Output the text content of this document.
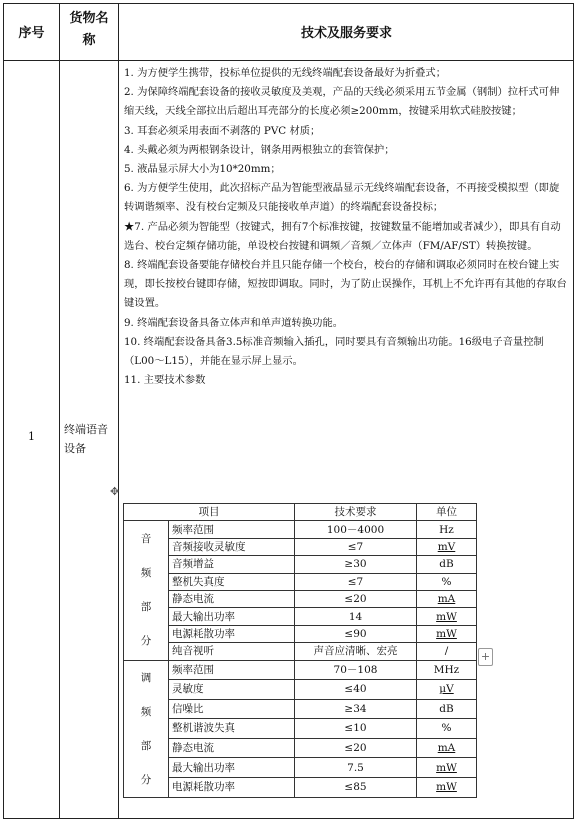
序号
货物名称	技术及服务要求
1
终端语音设备

1. 为方便学生携带，投标单位提供的无线终端配套设备最好为折叠式；

2. 为保障终端配套设备的接收灵敏度及美观，产品的天线必须采用五节金属（钢制）拉杆式可伸缩天线，天线全部拉出后超出耳壳部分的长度必须≥200mm，按键采用软式硅胶按键；

3. 耳套必须采用表面不剥落的 PVC 材质；

4. 头戴必须为两根钢条设计，钢条用两根独立的套管保护；

5. 液晶显示屏大小为10*20mm；

6. 为方便学生使用，此次招标产品为智能型液晶显示无线终端配套设备，不再接受模拟型（即旋转调谐频率、没有校台定频及只能接收单声道）的终端配套设备投标；

★7. 产品必须为智能型（按键式，拥有7个标准按键，按键数量不能增加或者减少），即具有自动选台、校台定频存储功能，单设校台按键和调频／音频／立体声（FM/AF/ST）转换按键。

8. 终端配套设备要能存储校台并且只能存储一个校台，校台的存储和调取必须同时在校台键上实现，即长按校台键即存储，短按即调取。同时，为了防止误操作，耳机上不允许再有其他的存取台键设置。

9. 终端配套设备具备立体声和单声道转换功能。

10. 终端配套设备具备3.5标准音频输入插孔，同时要具有音频输出功能。16级电子音量控制（L00～L15），并能在显示屏上显示。

11. 主要技术参数

✥
项目		技术要求	单位

音
频
部
分	频率范围	100－4000	Hz
	音频接收灵敏度	≤7	mV
	音频增益	≥30	dB
	整机失真度	≤7	%
	静态电流	≤20	mA
	最大输出功率	14	mW
	电源耗散功率	≤90	mW
	纯音视听	声音应清晰、宏亮	/

调
频
部
分	频率范围	70－108	MHz
	灵敏度	≤40	μV
	信噪比	≥34	dB
	整机谐波失真	≤10	%
	静态电流	≤20	mA
	最大输出功率	7.5	mW
	电源耗散功率	≤85	mW
+
